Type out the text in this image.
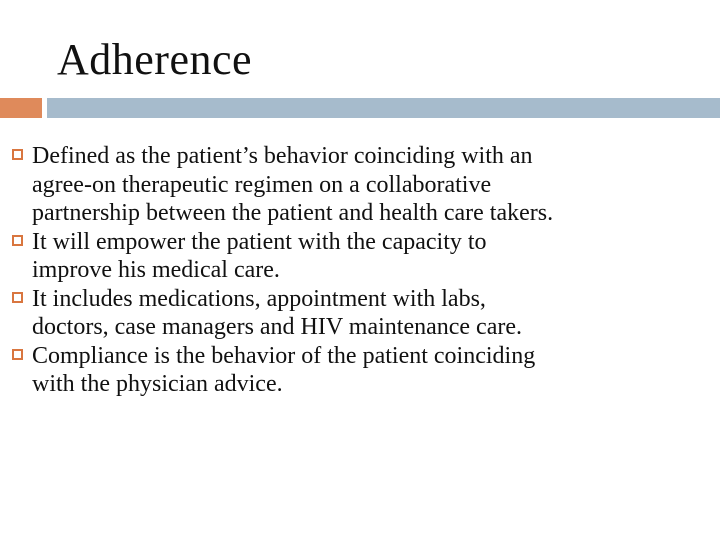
Adherence
Defined as the patient’s behavior coinciding with an
agree-on therapeutic regimen on a collaborative
partnership between the patient and health care takers.
It will empower the patient with the capacity to
improve his medical care.
It includes medications, appointment with labs,
doctors, case managers and HIV maintenance care.
Compliance is the behavior of the patient coinciding
with the physician advice.
